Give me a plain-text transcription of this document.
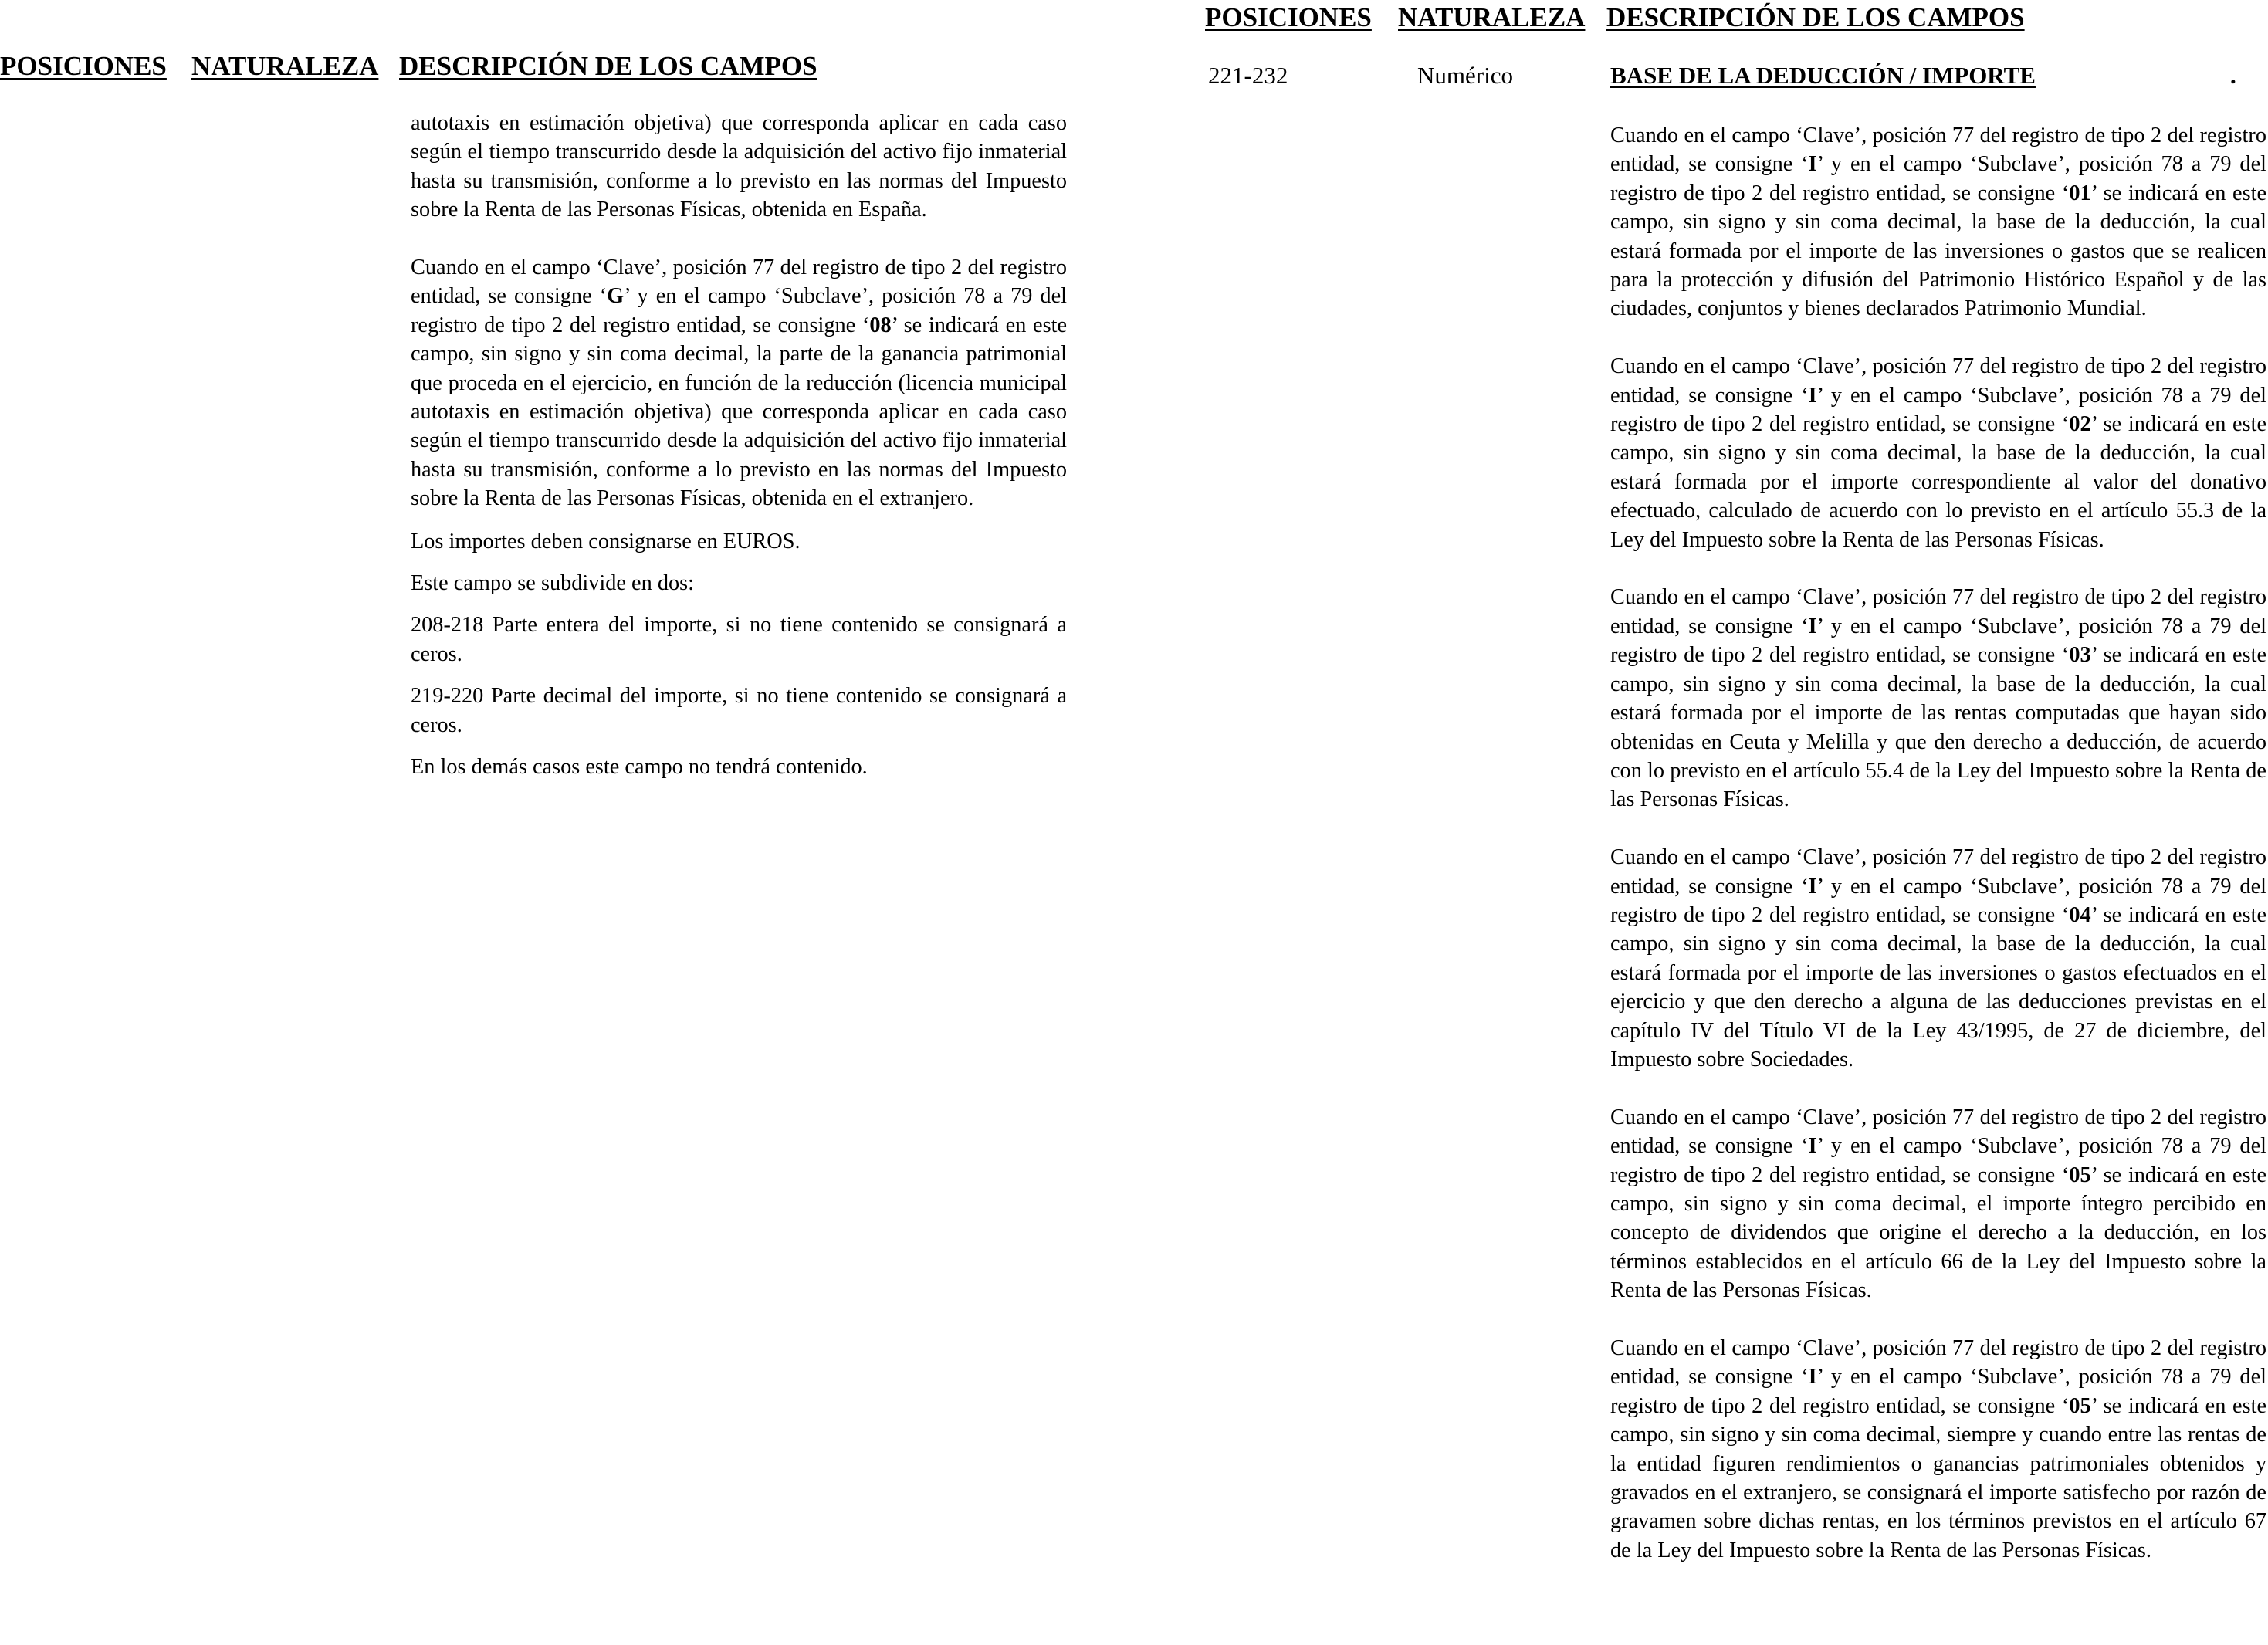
POSICIONES NATURALEZA DESCRIPCIÓN DE LOS CAMPOS

autotaxis en estimación objetiva) que corresponda aplicar en cada caso según el tiempo transcurrido desde la adquisición del activo fijo inmaterial hasta su transmisión, conforme a lo previsto en las normas del Impuesto sobre la Renta de las Personas Físicas, obtenida en España.

Cuando en el campo ‘Clave’, posición 77 del registro de tipo 2 del registro entidad, se consigne ‘G’ y en el campo ‘Subclave’, posición 78 a 79 del registro de tipo 2 del registro entidad, se consigne ‘08’ se indicará en este campo, sin signo y sin coma decimal, la parte de la ganancia patrimonial que proceda en el ejercicio, en función de la reducción (licencia municipal autotaxis en estimación objetiva) que corresponda aplicar en cada caso según el tiempo transcurrido desde la adquisición del activo fijo inmaterial hasta su transmisión, conforme a lo previsto en las normas del Impuesto sobre la Renta de las Personas Físicas, obtenida en el extranjero.

Los importes deben consignarse en EUROS.

Este campo se subdivide en dos:

208-218 Parte entera del importe, si no tiene contenido se consignará a ceros.

219-220 Parte decimal del importe, si no tiene contenido se consignará a ceros.

En los demás casos este campo no tendrá contenido.

POSICIONES NATURALEZA DESCRIPCIÓN DE LOS CAMPOS
221-232	Numérico	BASE DE LA DEDUCCIÓN / IMPORTE	.

Cuando en el campo ‘Clave’, posición 77 del registro de tipo 2 del registro entidad, se consigne ‘I’ y en el campo ‘Subclave’, posición 78 a 79 del registro de tipo 2 del registro entidad, se consigne ‘01’ se indicará en este campo, sin signo y sin coma decimal, la base de la deducción, la cual estará formada por el importe de las inversiones o gastos que se realicen para la protección y difusión del Patrimonio Histórico Español y de las ciudades, conjuntos y bienes declarados Patrimonio Mundial.

Cuando en el campo ‘Clave’, posición 77 del registro de tipo 2 del registro entidad, se consigne ‘I’ y en el campo ‘Subclave’, posición 78 a 79 del registro de tipo 2 del registro entidad, se consigne ‘02’ se indicará en este campo, sin signo y sin coma decimal, la base de la deducción, la cual estará formada por el importe correspondiente al valor del donativo efectuado, calculado de acuerdo con lo previsto en el artículo 55.3 de la Ley del Impuesto sobre la Renta de las Personas Físicas.

Cuando en el campo ‘Clave’, posición 77 del registro de tipo 2 del registro entidad, se consigne ‘I’ y en el campo ‘Subclave’, posición 78 a 79 del registro de tipo 2 del registro entidad, se consigne ‘03’ se indicará en este campo, sin signo y sin coma decimal, la base de la deducción, la cual estará formada por el importe de las rentas computadas que hayan sido obtenidas en Ceuta y Melilla y que den derecho a deducción, de acuerdo con lo previsto en el artículo 55.4 de la Ley del Impuesto sobre la Renta de las Personas Físicas.

Cuando en el campo ‘Clave’, posición 77 del registro de tipo 2 del registro entidad, se consigne ‘I’ y en el campo ‘Subclave’, posición 78 a 79 del registro de tipo 2 del registro entidad, se consigne ‘04’ se indicará en este campo, sin signo y sin coma decimal, la base de la deducción, la cual estará formada por el importe de las inversiones o gastos efectuados en el ejercicio y que den derecho a alguna de las deducciones previstas en el capítulo IV del Título VI de la Ley 43/1995, de 27 de diciembre, del Impuesto sobre Sociedades.

Cuando en el campo ‘Clave’, posición 77 del registro de tipo 2 del registro entidad, se consigne ‘I’ y en el campo ‘Subclave’, posición 78 a 79 del registro de tipo 2 del registro entidad, se consigne ‘05’ se indicará en este campo, sin signo y sin coma decimal, el importe íntegro percibido en concepto de dividendos que origine el derecho a la deducción, en los términos establecidos en el artículo 66 de la Ley del Impuesto sobre la Renta de las Personas Físicas.

Cuando en el campo ‘Clave’, posición 77 del registro de tipo 2 del registro entidad, se consigne ‘I’ y en el campo ‘Subclave’, posición 78 a 79 del registro de tipo 2 del registro entidad, se consigne ‘05’ se indicará en este campo, sin signo y sin coma decimal, siempre y cuando entre las rentas de la entidad figuren rendimientos o ganancias patrimoniales obtenidos y gravados en el extranjero, se consignará el importe satisfecho por razón de gravamen sobre dichas rentas, en los términos previstos en el artículo 67 de la Ley del Impuesto sobre la Renta de las Personas Físicas.
